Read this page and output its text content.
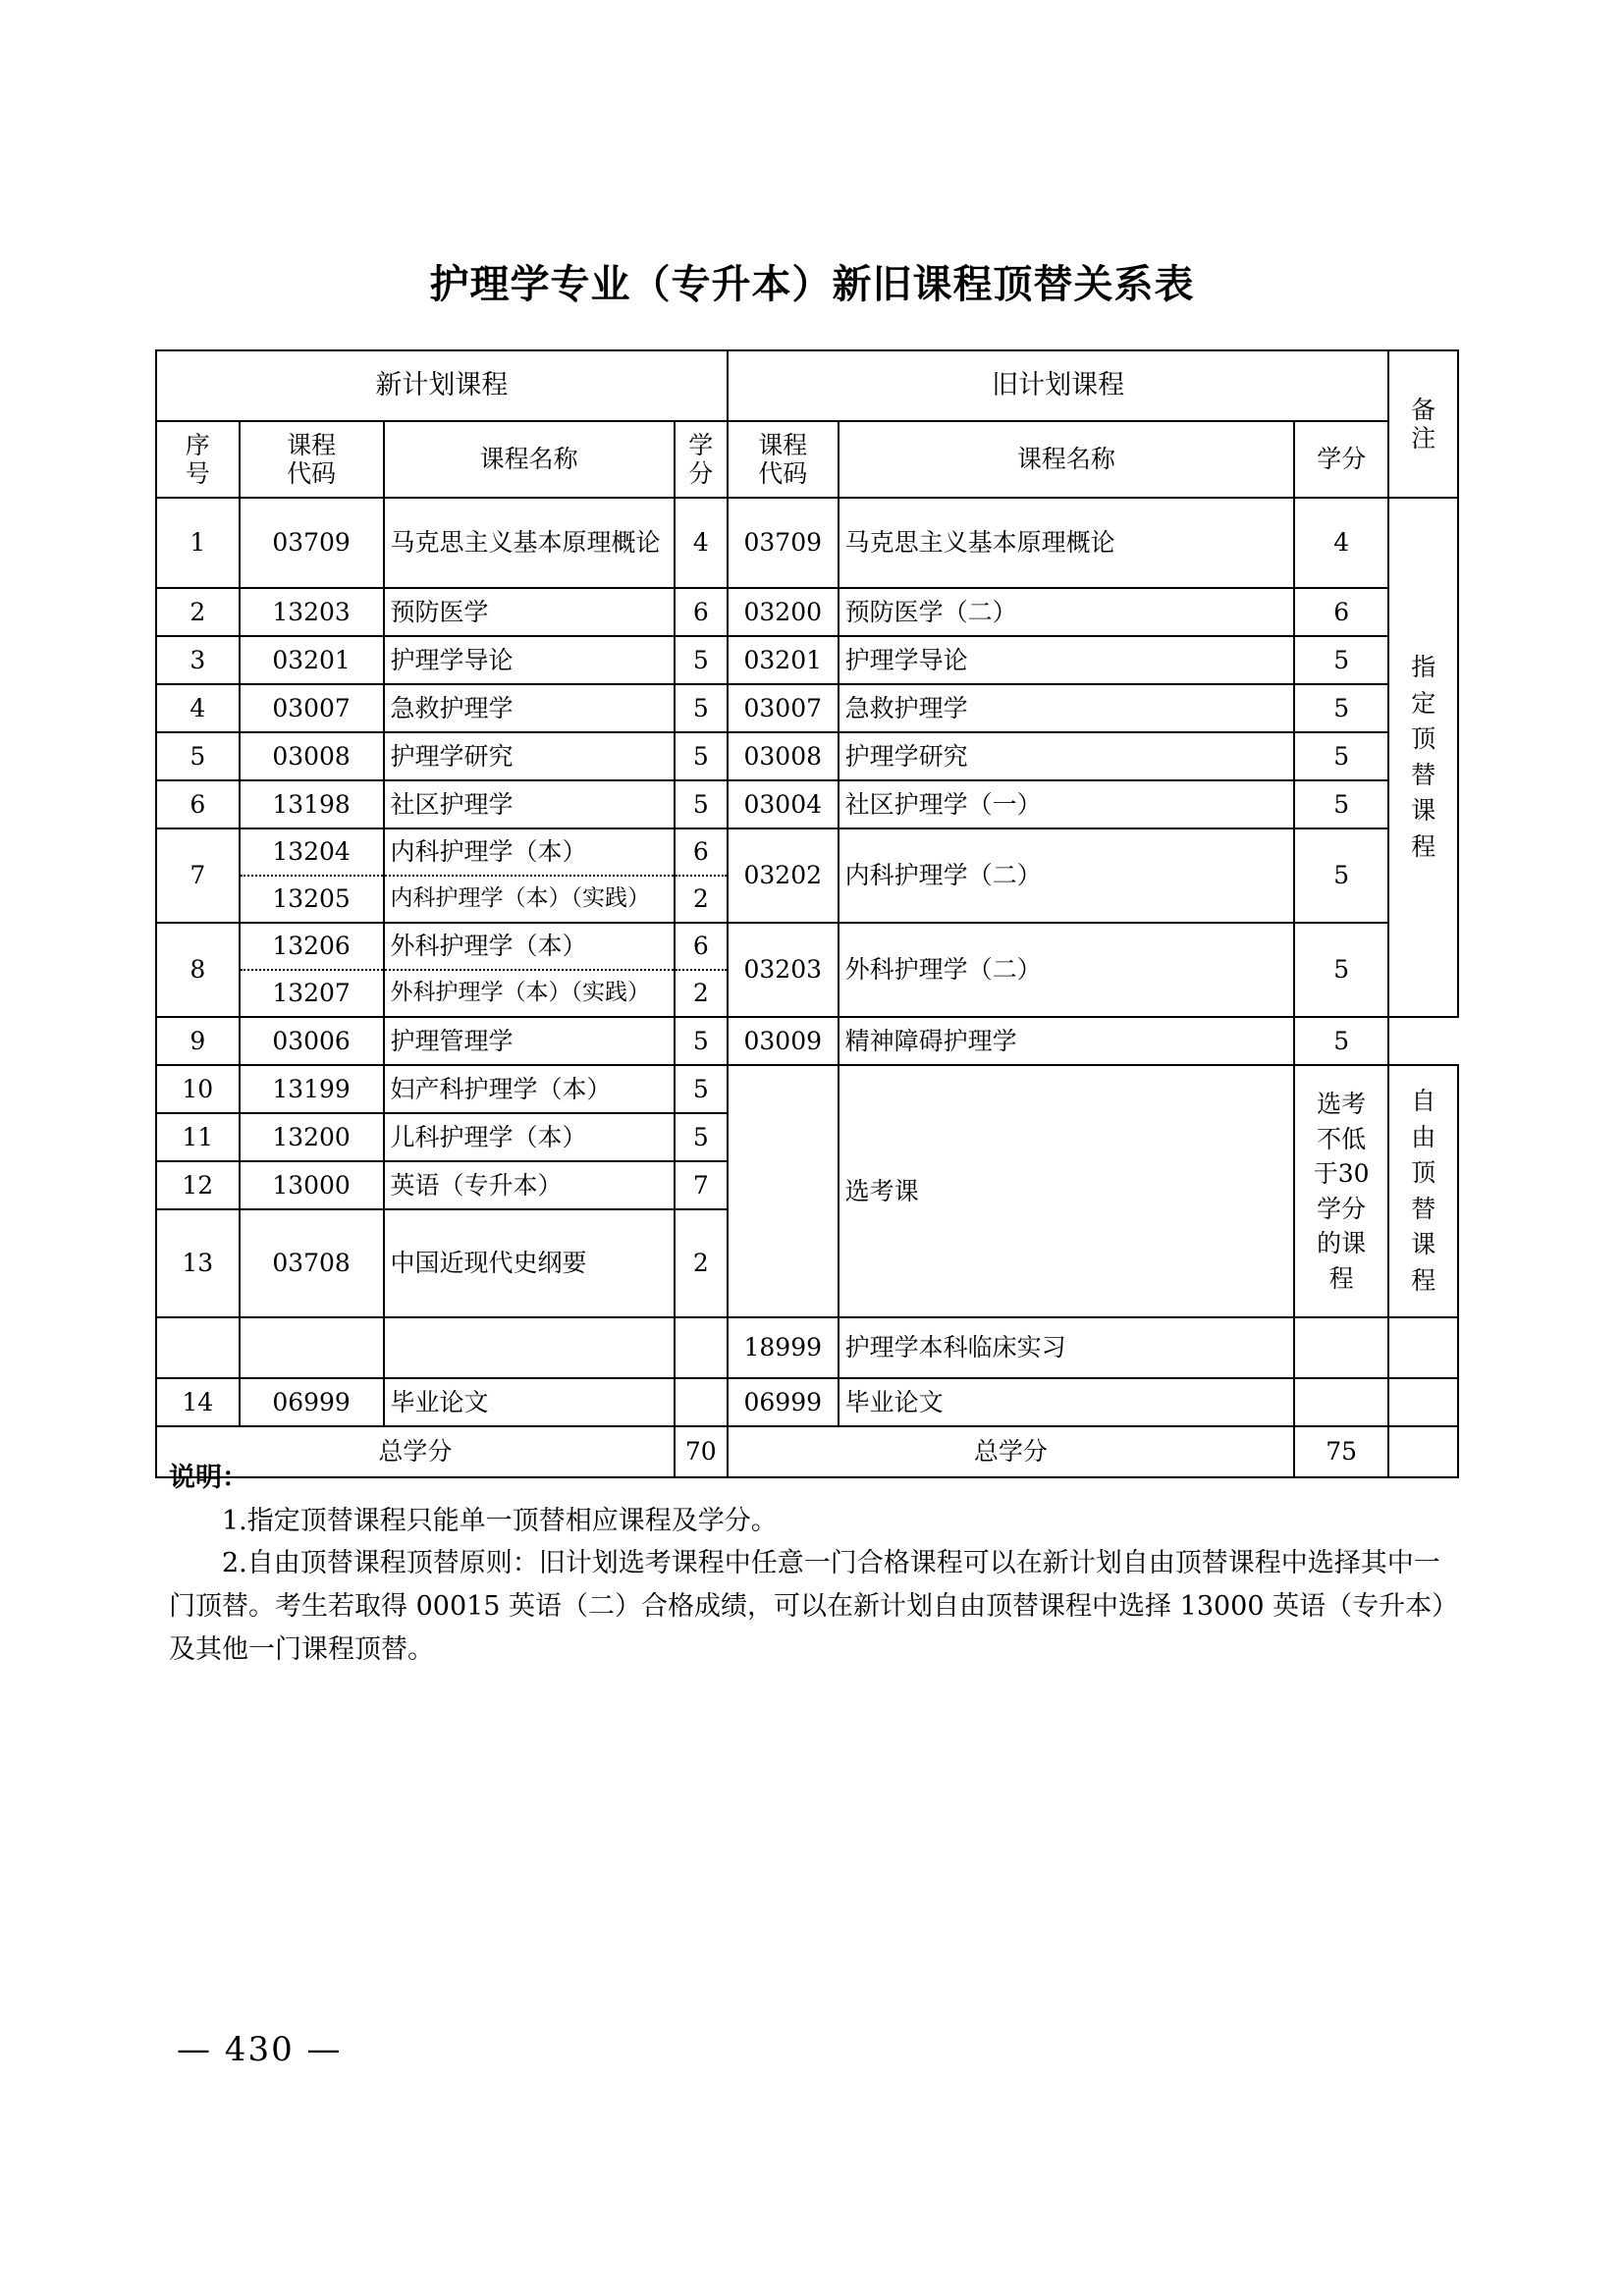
护理学专业（专升本）新旧课程顶替关系表
新计划课程				旧计划课程			备注

序号	课程代码	课程名称	学分	课程代码	课程名称	学分	
1	03709	马克思主义基本原理概论	4	03709	马克思主义基本原理概论	4	指定顶替课程

2	13203	预防医学	6	03200	预防医学（二）	6	
3	03201	护理学导论	5	03201	护理学导论	5	
4	03007	急救护理学	5	03007	急救护理学	5	
5	03008	护理学研究	5	03008	护理学研究	5	
6	13198	社区护理学	5	03004	社区护理学（一）	5	
7	13204	内科护理学（本）	6	03202	内科护理学（二）	5	
	13205	内科护理学（本）（实践）	2				
8	13206	外科护理学（本）	6	03203	外科护理学（二）	5	
	13207	外科护理学（本）（实践）	2				
9	03006	护理管理学	5	03009	精神障碍护理学	5	
10	13199	妇产科护理学（本）	5		选考课	选考不低于30学分的课程	自由顶替课程

11	13200	儿科护理学（本）	5				
12	13000	英语（专升本）	7				
13	03708	中国近现代史纲要	2				
				18999	护理学本科临床实习		
14	06999	毕业论文		06999	毕业论文		
总学分			70	总学分		75	
说明：
1.指定顶替课程只能单一顶替相应课程及学分。
2.自由顶替课程顶替原则：旧计划选考课程中任意一门合格课程可以在新计划自由顶替课程中选择其中一门顶替。考生若取得 00015 英语（二）合格成绩，可以在新计划自由顶替课程中选择 13000 英语（专升本）及其他一门课程顶替。
— 430 —
